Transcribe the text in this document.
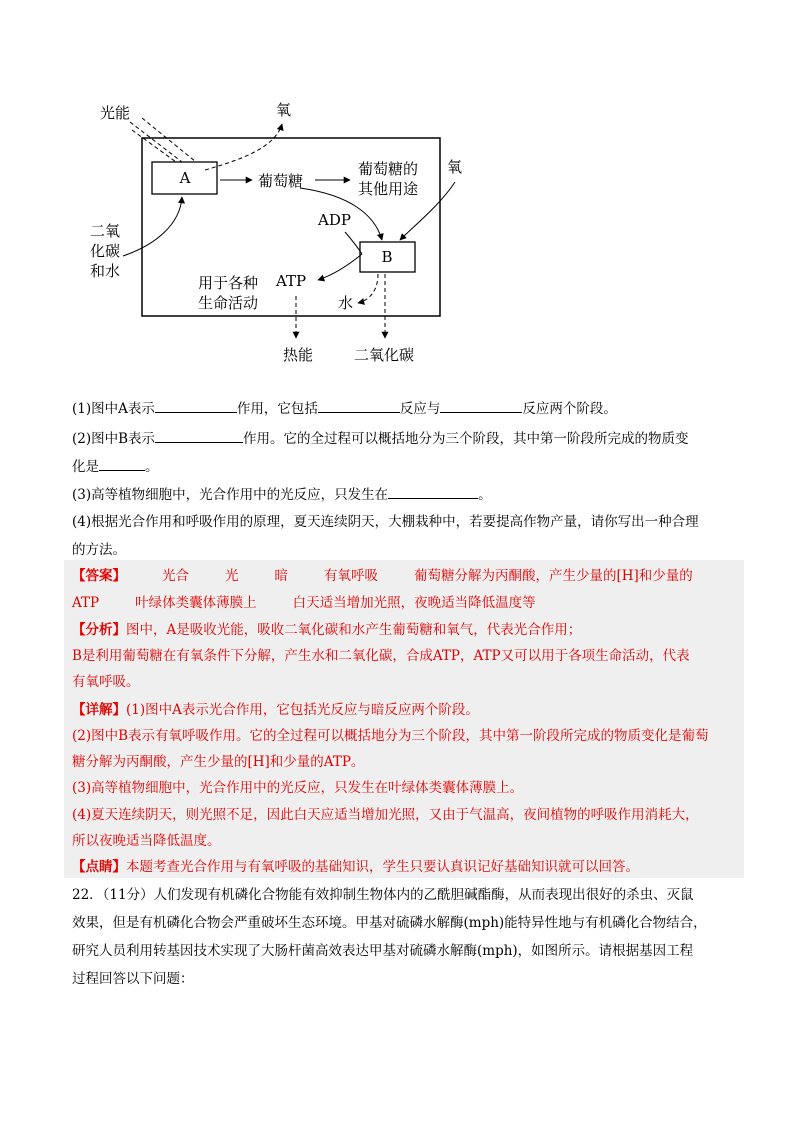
A
B
光能	氧
葡萄糖
葡萄糖的
其他用途
氧
二氧
化碳
和水
ADP
ATP
用于各种
生命活动	水
热能	二氧化碳
(1)图中A表示	作用，它包括	反应与	反应两个阶段。
(2)图中B表示	作用。它的全过程可以概括地分为三个阶段，其中第一阶段所完成的物质变
化是	。
(3)高等植物细胞中，光合作用中的光反应，只发生在	。
(4)根据光合作用和呼吸作用的原理，夏天连续阴天，大棚栽种中，若要提高作物产量，请你写出一种合理
的方法。
【答案】	光合	光	暗	有氧呼吸	葡萄糖分解为丙酮酸，产生少量的[H]和少量的
ATP	叶绿体类囊体薄膜上	白天适当增加光照，夜晚适当降低温度等
【分析】图中，A是吸收光能，吸收二氧化碳和水产生葡萄糖和氧气，代表光合作用；
B是利用葡萄糖在有氧条件下分解，产生水和二氧化碳，合成ATP，ATP又可以用于各项生命活动，代表
有氧呼吸。
【详解】(1)图中A表示光合作用，它包括光反应与暗反应两个阶段。
(2)图中B表示有氧呼吸作用。它的全过程可以概括地分为三个阶段，其中第一阶段所完成的物质变化是葡萄
糖分解为丙酮酸，产生少量的[H]和少量的ATP。
(3)高等植物细胞中，光合作用中的光反应，只发生在叶绿体类囊体薄膜上。
(4)夏天连续阴天，则光照不足，因此白天应适当增加光照，又由于气温高，夜间植物的呼吸作用消耗大，
所以夜晚适当降低温度。
【点睛】本题考查光合作用与有氧呼吸的基础知识，学生只要认真识记好基础知识就可以回答。
22．（11分）人们发现有机磷化合物能有效抑制生物体内的乙酰胆碱酯酶，从而表现出很好的杀虫、灭鼠
效果，但是有机磷化合物会严重破坏生态环境。甲基对硫磷水解酶(mph)能特异性地与有机磷化合物结合，
研究人员利用转基因技术实现了大肠杆菌高效表达甲基对硫磷水解酶(mph)，如图所示。请根据基因工程
过程回答以下问题：
